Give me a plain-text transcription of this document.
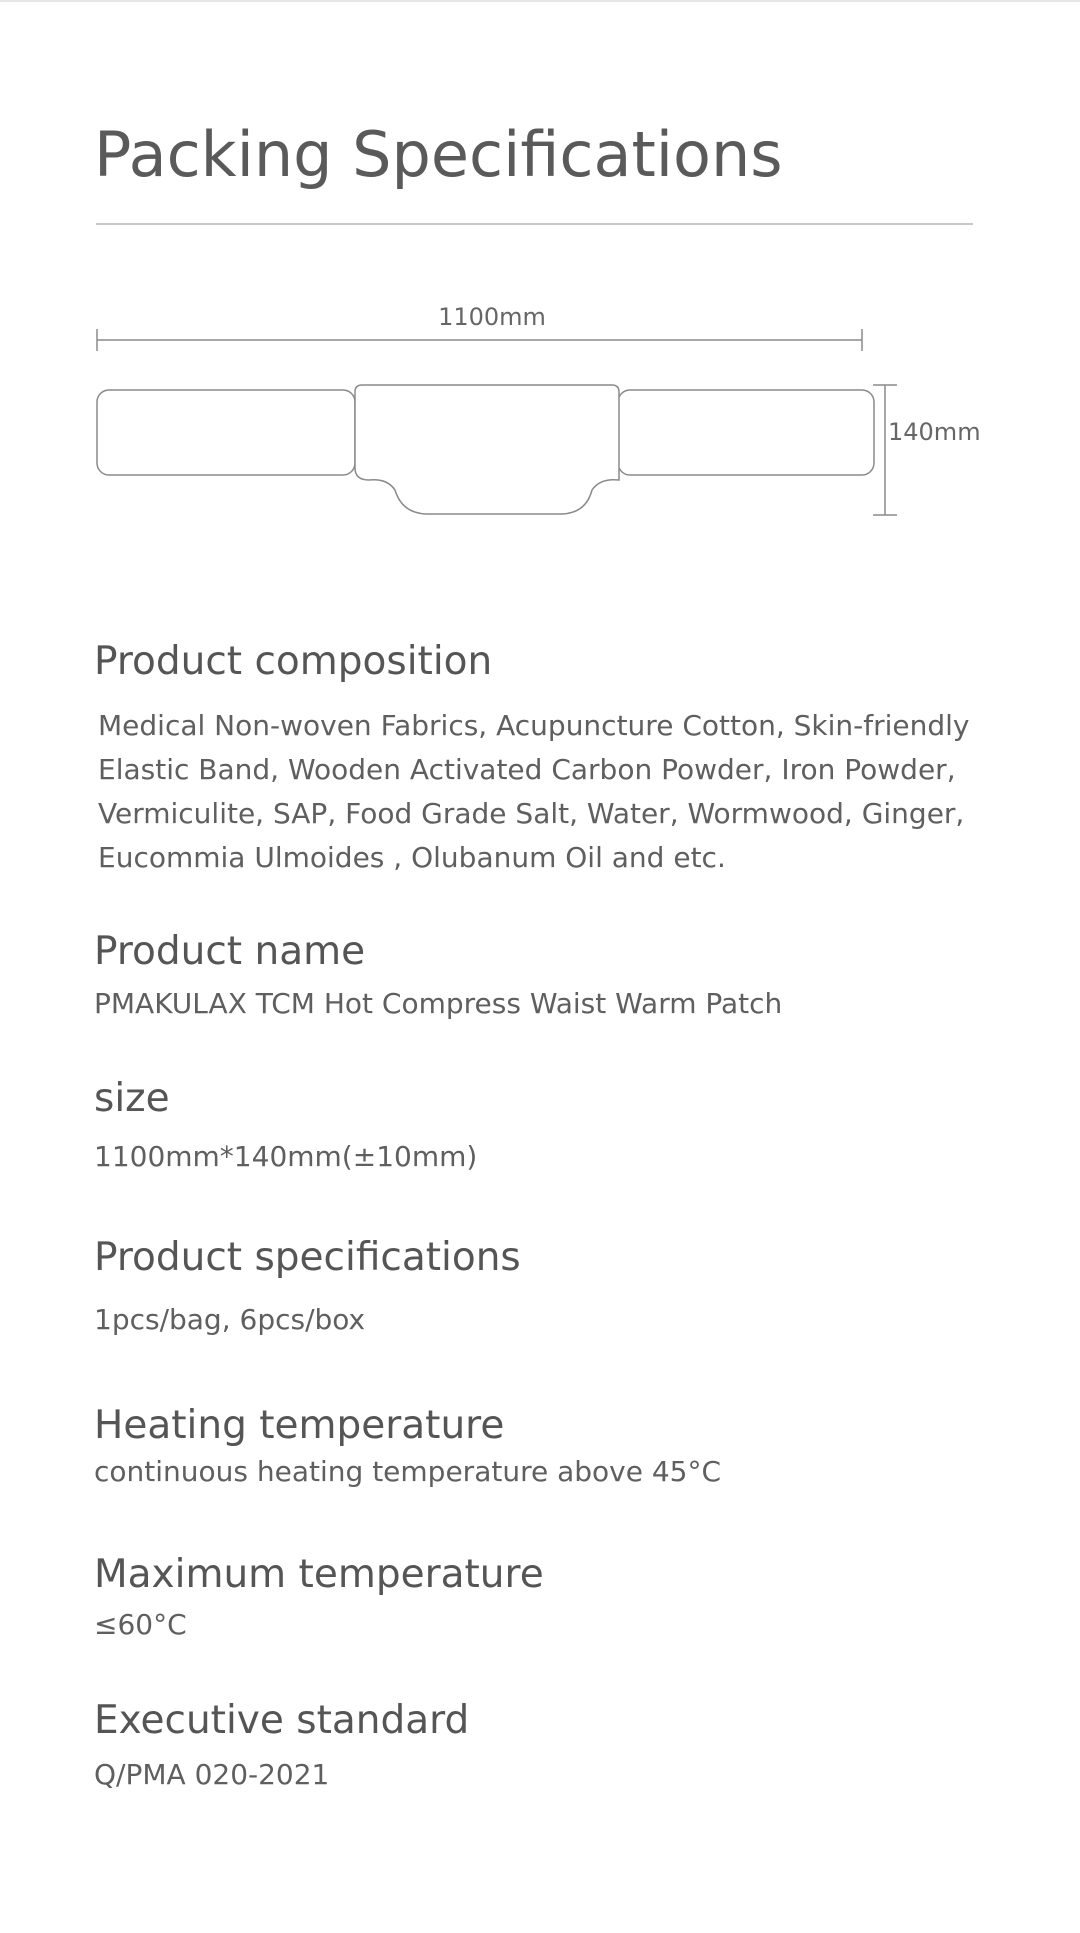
Packing Specifications
1100mm
140mm
Product composition

Medical Non-woven Fabrics, Acupuncture Cotton, Skin-friendly Elastic Band, Wooden Activated Carbon Powder, Iron Powder, Vermiculite, SAP, Food Grade Salt, Water, Wormwood, Ginger, Eucommia Ulmoides , Olubanum Oil and etc.

Product name

PMAKULAX TCM Hot Compress Waist Warm Patch

size

1100mm*140mm(±10mm)

Product specifications

1pcs/bag, 6pcs/box

Heating temperature

continuous heating temperature above 45°C

Maximum temperature

≤60°C

Executive standard

Q/PMA 020-2021
